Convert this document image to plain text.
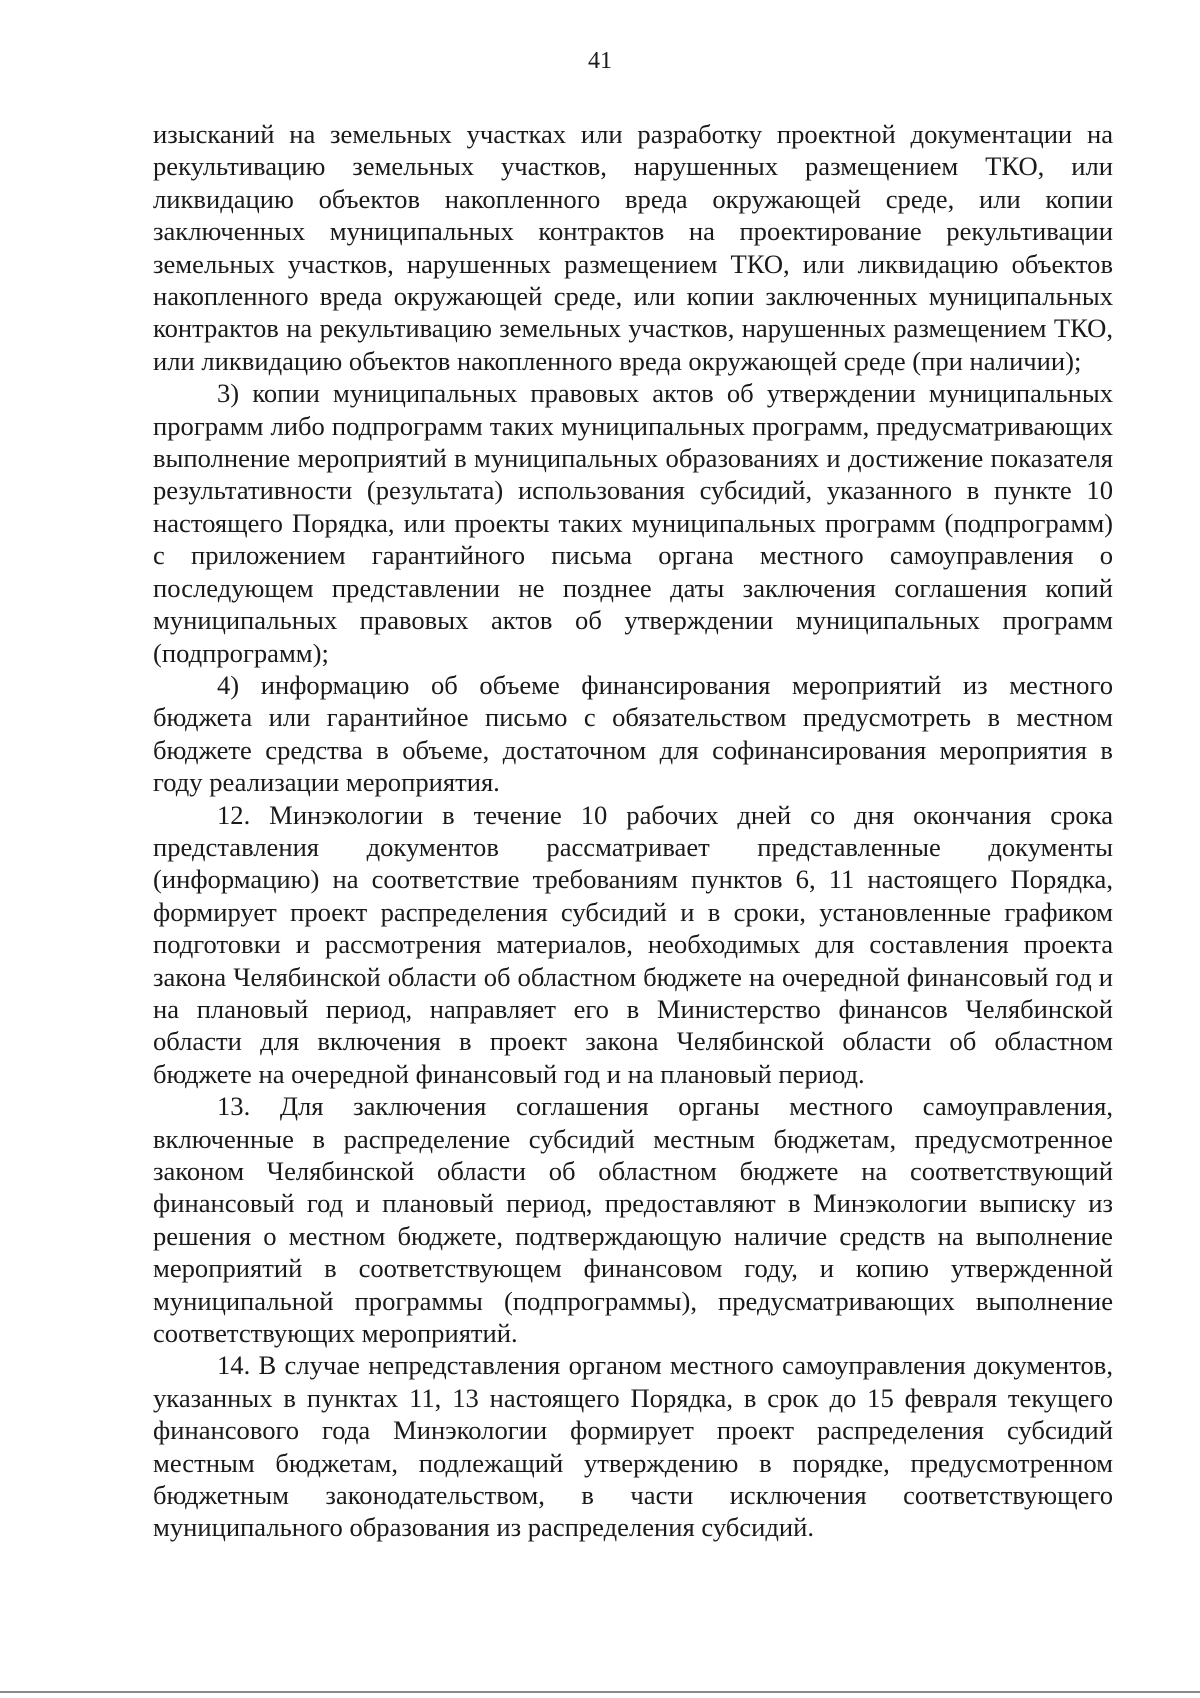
41

изысканий на земельных участках или разработку проектной документации на рекультивацию земельных участков, нарушенных размещением ТКО, или ликвидацию объектов накопленного вреда окружающей среде, или копии заключенных муниципальных контрактов на проектирование рекультивации земельных участков, нарушенных размещением ТКО, или ликвидацию объектов накопленного вреда окружающей среде, или копии заключенных муниципальных контрактов на рекультивацию земельных участков, нарушенных размещением ТКО, или ликвидацию объектов накопленного вреда окружающей среде (при наличии);

3) копии муниципальных правовых актов об утверждении муниципальных программ либо подпрограмм таких муниципальных программ, предусматривающих выполнение мероприятий в муниципальных образованиях и достижение показателя результативности (результата) использования субсидий, указанного в пункте 10 настоящего Порядка, или проекты таких муниципальных программ (подпрограмм) с приложением гарантийного письма органа местного самоуправления о последующем представлении не позднее даты заключения соглашения копий муниципальных правовых актов об утверждении муниципальных программ (подпрограмм);

4) информацию об объеме финансирования мероприятий из местного бюджета или гарантийное письмо с обязательством предусмотреть в местном бюджете средства в объеме, достаточном для софинансирования мероприятия в году реализации мероприятия.

12. Минэкологии в течение 10 рабочих дней со дня окончания срока представления документов рассматривает представленные документы (информацию) на соответствие требованиям пунктов 6, 11 настоящего Порядка, формирует проект распределения субсидий и в сроки, установленные графиком подготовки и рассмотрения материалов, необходимых для составления проекта закона Челябинской области об областном бюджете на очередной финансовый год и на плановый период, направляет его в Министерство финансов Челябинской области для включения в проект закона Челябинской области об областном бюджете на очередной финансовый год и на плановый период.

13. Для заключения соглашения органы местного самоуправления, включенные в распределение субсидий местным бюджетам, предусмотренное законом Челябинской области об областном бюджете на соответствующий финансовый год и плановый период, предоставляют в Минэкологии выписку из решения о местном бюджете, подтверждающую наличие средств на выполнение мероприятий в соответствующем финансовом году, и копию утвержденной муниципальной программы (подпрограммы), предусматривающих выполнение соответствующих мероприятий.

14. В случае непредставления органом местного самоуправления документов, указанных в пунктах 11, 13 настоящего Порядка, в срок до 15 февраля текущего финансового года Минэкологии формирует проект распределения субсидий местным бюджетам, подлежащий утверждению в порядке, предусмотренном бюджетным законодательством, в части исключения соответствующего муниципального образования из распределения субсидий.
